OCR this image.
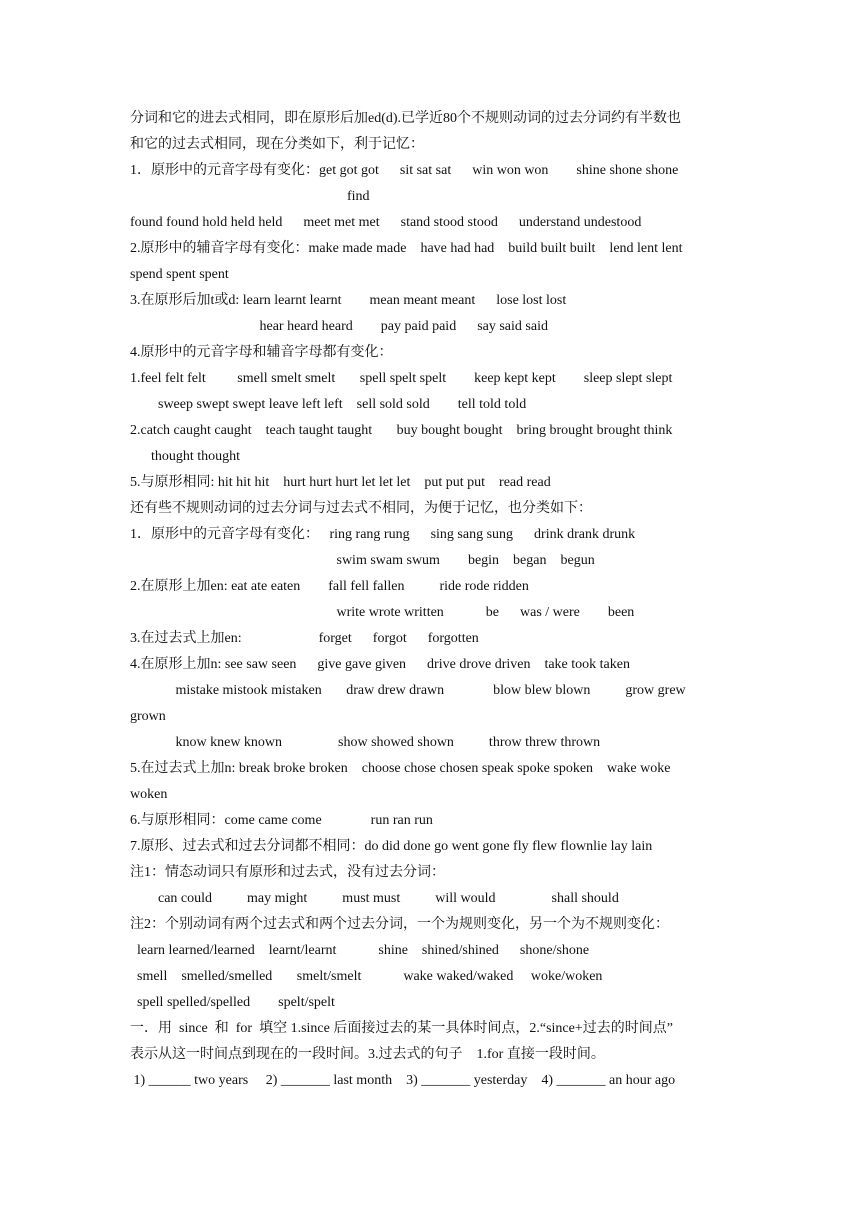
分词和它的进去式相同，即在原形后加ed(d).已学近80个不规则动词的过去分词约有半数也
和它的过去式相同，现在分类如下，利于记忆：
1．原形中的元音字母有变化：get got got      sit sat sat      win won won        shine shone shone
find
found found hold held held      meet met met      stand stood stood      understand undestood
2.原形中的辅音字母有变化：make made made    have had had    build built built    lend lent lent
spend spent spent
3.在原形后加t或d: learn learnt learnt        mean meant meant      lose lost lost
hear heard heard        pay paid paid      say said said
4.原形中的元音字母和辅音字母都有变化：
1.feel felt felt         smell smelt smelt       spell spelt spelt        keep kept kept        sleep slept slept
sweep swept swept leave left left    sell sold sold        tell told told
2.catch caught caught    teach taught taught       buy bought bought    bring brought brought think
thought thought
5.与原形相同: hit hit hit    hurt hurt hurt let let let    put put put    read read
还有些不规则动词的过去分词与过去式不相同，为便于记忆，也分类如下：
1．原形中的元音字母有变化：   ring rang rung      sing sang sung      drink drank drunk
swim swam swum        begin    began    begun
2.在原形上加en: eat ate eaten        fall fell fallen          ride rode ridden
write wrote written            be      was / were        been
3.在过去式上加en:                      forget      forgot      forgotten
4.在原形上加n: see saw seen      give gave given      drive drove driven    take took taken
mistake mistook mistaken       draw drew drawn              blow blew blown          grow grew
grown
know knew known                show showed shown          throw threw thrown
5.在过去式上加n: break broke broken    choose chose chosen speak spoke spoken    wake woke
woken
6.与原形相同：come came come              run ran run
7.原形、过去式和过去分词都不相同：do did done go went gone fly flew flownlie lay lain
注1：情态动词只有原形和过去式，没有过去分词：
can could          may might          must must          will would                shall should
注2：个别动词有两个过去式和两个过去分词，一个为规则变化，另一个为不规则变化：
learn learned/learned    learnt/learnt            shine    shined/shined      shone/shone
smell    smelled/smelled       smelt/smelt            wake waked/waked     woke/woken
spell spelled/spelled        spelt/spelt
一．用  since  和  for  填空 1.since 后面接过去的某一具体时间点，2.“since+过去的时间点”
表示从这一时间点到现在的一段时间。3.过去式的句子    1.for 直接一段时间。
1) ______ two years     2) _______ last month    3) _______ yesterday    4) _______ an hour ago
